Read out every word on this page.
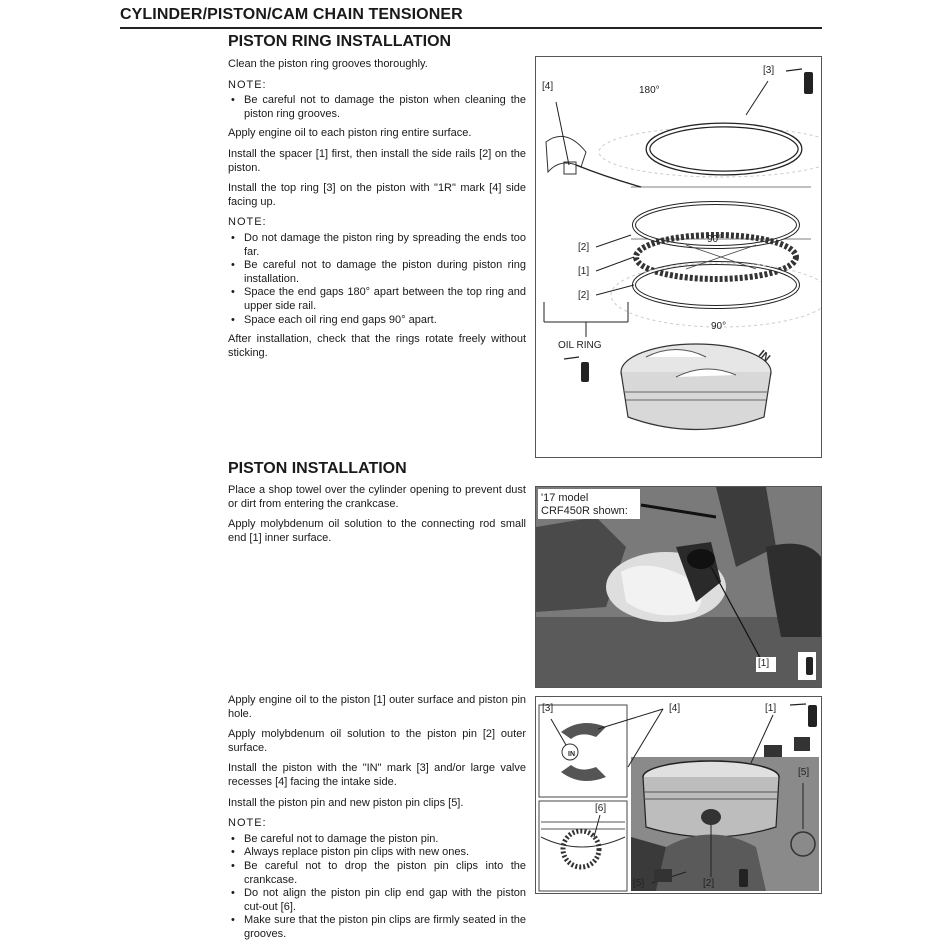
CYLINDER/PISTON/CAM CHAIN TENSIONER
PISTON RING INSTALLATION

Clean the piston ring grooves thoroughly.

NOTE:

• Be careful not to damage the piston when cleaning the piston ring grooves.

Apply engine oil to each piston ring entire surface.

Install the spacer [1] first, then install the side rails [2] on the piston.

Install the top ring [3] on the piston with "1R" mark [4] side facing up.

NOTE:

• Do not damage the piston ring by spreading the ends too far.
• Be careful not to damage the piston during piston ring installation.
• Space the end gaps 180° apart between the top ring and upper side rail.
• Space each oil ring end gaps 90° apart.

After installation, check that the rings rotate freely without sticking.	IN
[3]
[4]	180°
90°
[2]
[1]
[2]
90°
OIL RING
PISTON INSTALLATION

Place a shop towel over the cylinder opening to prevent dust or dirt from entering the crankcase.

Apply molybdenum oil solution to the connecting rod small end [1] inner surface.

'17 model
CRF450R shown:
[1]

Apply engine oil to the piston [1] outer surface and piston pin hole.

Apply molybdenum oil solution to the piston pin [2] outer surface.

Install the piston with the "IN" mark [3] and/or large valve recesses [4] facing the intake side.

Install the piston pin and new piston pin clips [5].

NOTE:

• Be careful not to damage the piston pin.
• Always replace piston pin clips with new ones.
• Be careful not to drop the piston pin clips into the crankcase.
• Do not align the piston pin clip end gap with the piston cut-out [6].
• Make sure that the piston pin clips are firmly seated in the grooves.
IN
[3]	[4]	[1]
[5]
[6]
[5]	[2]
